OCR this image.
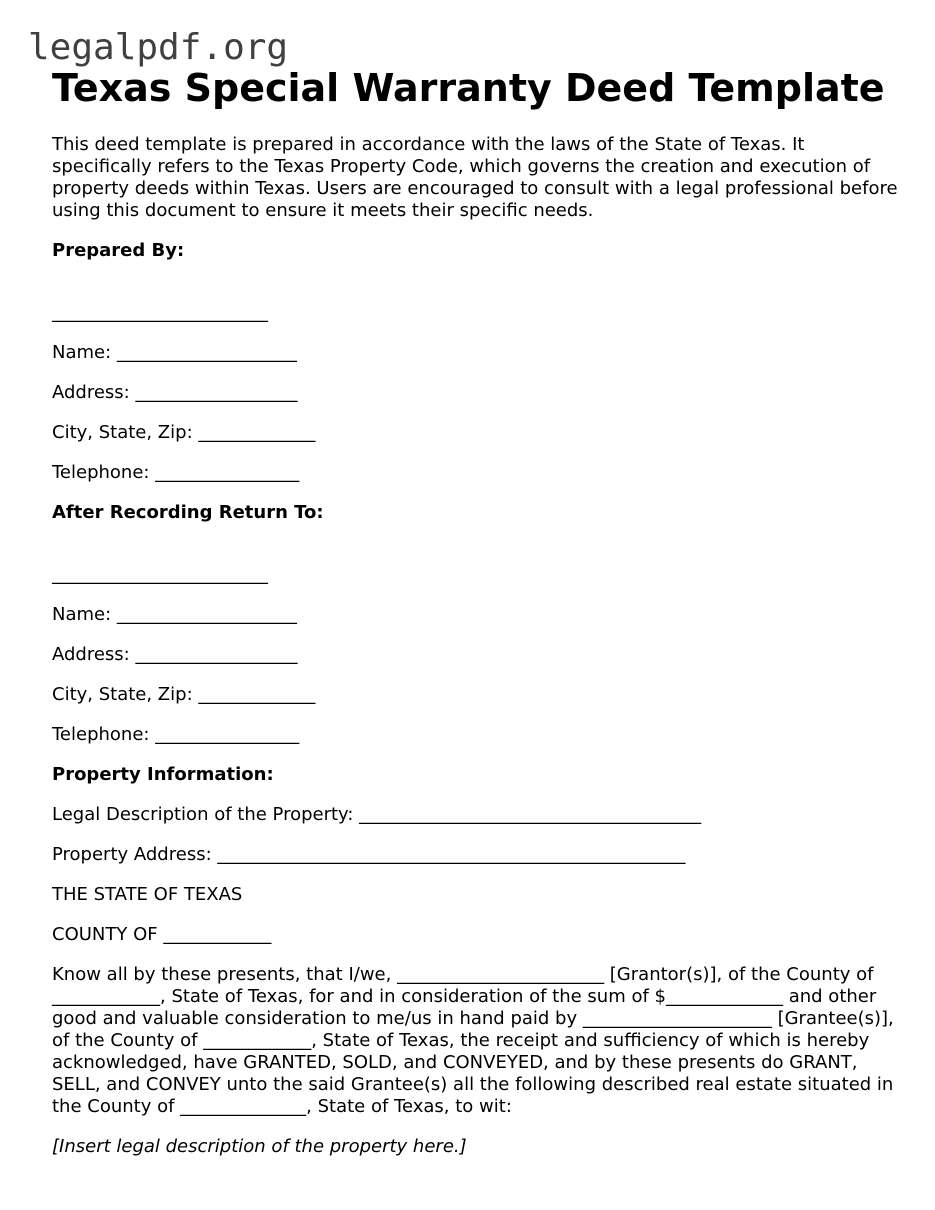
legalpdf.org
Texas Special Warranty Deed Template

This deed template is prepared in accordance with the laws of the State of Texas. It specifically refers to the Texas Property Code, which governs the creation and execution of property deeds within Texas. Users are encouraged to consult with a legal professional before using this document to ensure it meets their specific needs.

Prepared By:

________________________

Name: ____________________

Address: __________________

City, State, Zip: _____________

Telephone: ________________

After Recording Return To:

________________________

Name: ____________________

Address: __________________

City, State, Zip: _____________

Telephone: ________________

Property Information:

Legal Description of the Property: ______________________________________

Property Address: ____________________________________________________

THE STATE OF TEXAS

COUNTY OF ____________

Know all by these presents, that I/we, _______________________ [Grantor(s)], of the County of ____________, State of Texas, for and in consideration of the sum of $_____________ and other good and valuable consideration to me/us in hand paid by _____________________ [Grantee(s)], of the County of ____________, State of Texas, the receipt and sufficiency of which is hereby acknowledged, have GRANTED, SOLD, and CONVEYED, and by these presents do GRANT, SELL, and CONVEY unto the said Grantee(s) all the following described real estate situated in the County of ______________, State of Texas, to wit:

[Insert legal description of the property here.]
